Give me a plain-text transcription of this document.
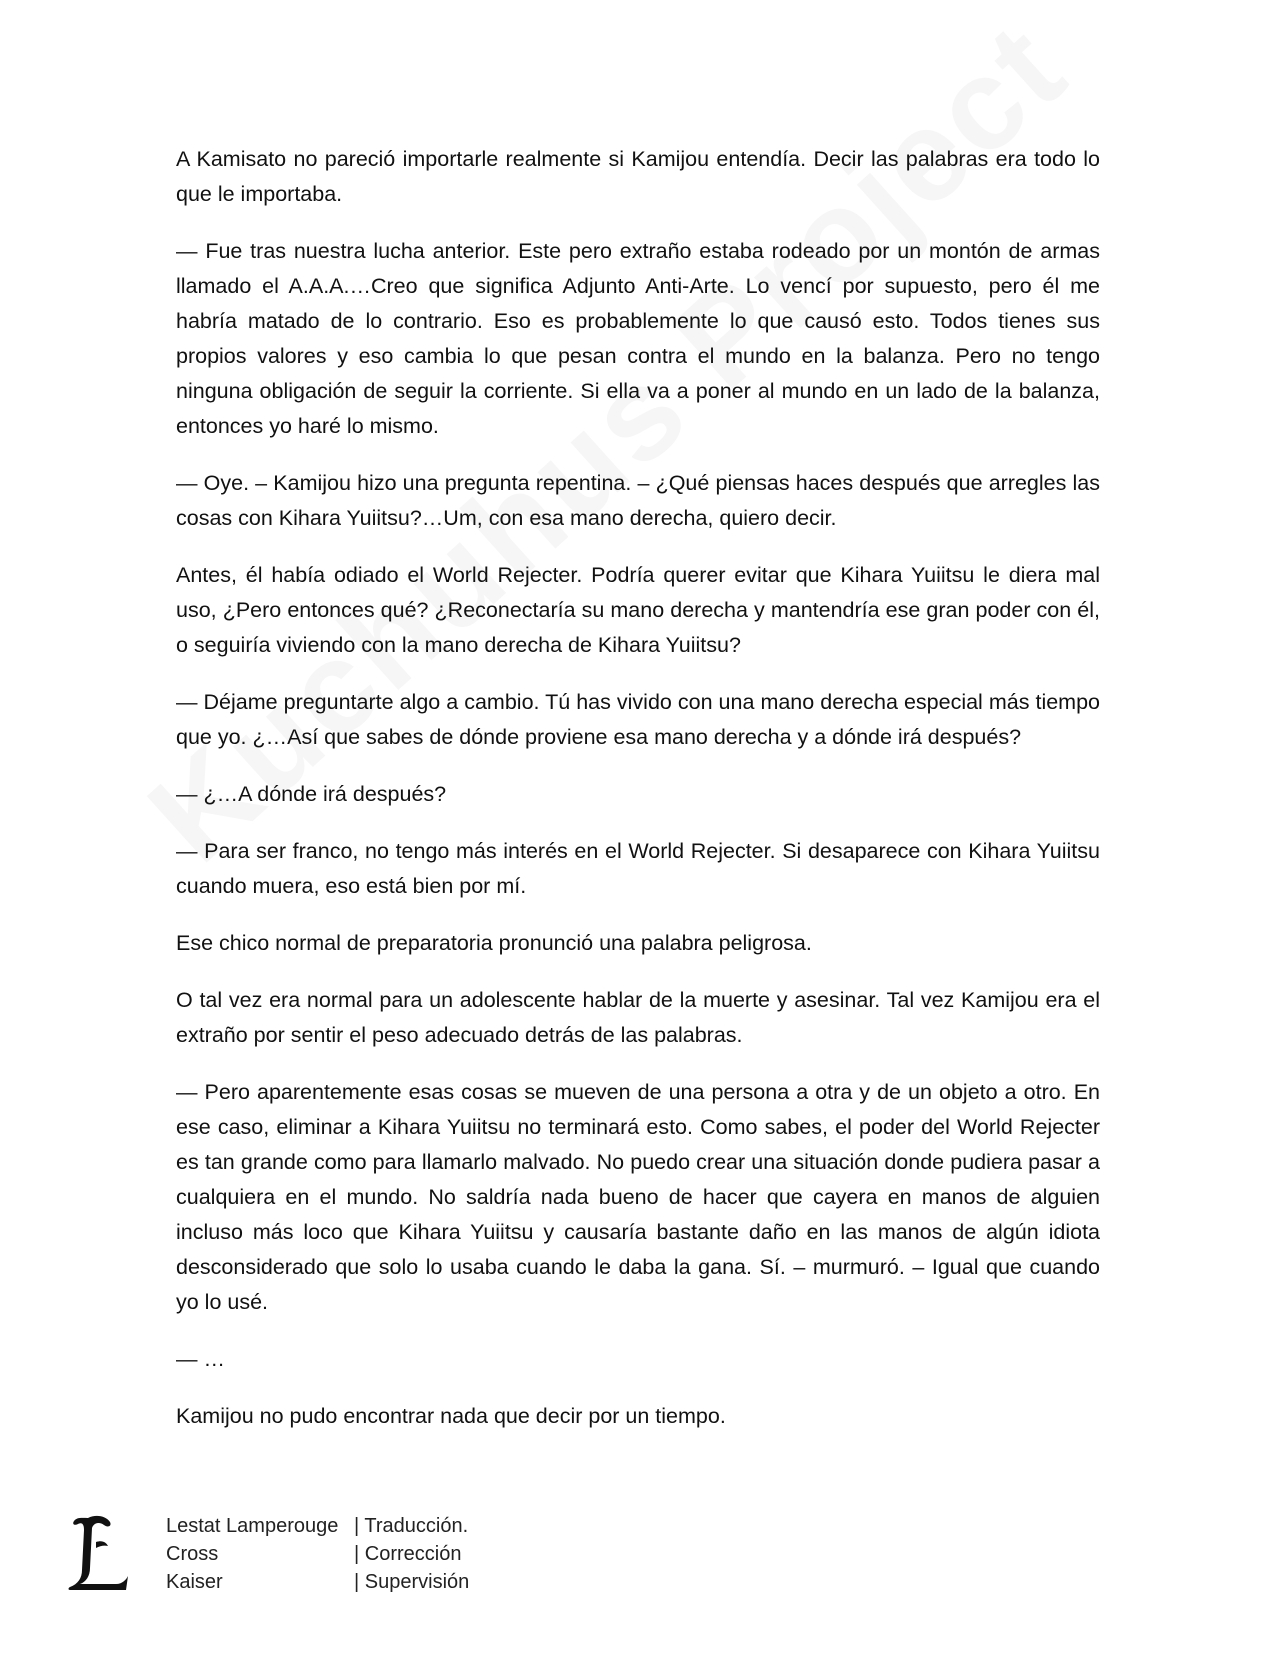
A Kamisato no pareció importarle realmente si Kamijou entendía. Decir las palabras era todo lo que le importaba.

— Fue tras nuestra lucha anterior. Este pero extraño estaba rodeado por un montón de armas llamado el A.A.A.…Creo que significa Adjunto Anti-Arte. Lo vencí por supuesto, pero él me habría matado de lo contrario. Eso es probablemente lo que causó esto. Todos tienes sus propios valores y eso cambia lo que pesan contra el mundo en la balanza. Pero no tengo ninguna obligación de seguir la corriente. Si ella va a poner al mundo en un lado de la balanza, entonces yo haré lo mismo.

— Oye. – Kamijou hizo una pregunta repentina. – ¿Qué piensas haces después que arregles las cosas con Kihara Yuiitsu?…Um, con esa mano derecha, quiero decir.

Antes, él había odiado el World Rejecter. Podría querer evitar que Kihara Yuiitsu le diera mal uso, ¿Pero entonces qué? ¿Reconectaría su mano derecha y mantendría ese gran poder con él, o seguiría viviendo con la mano derecha de Kihara Yuiitsu?

— Déjame preguntarte algo a cambio. Tú has vivido con una mano derecha especial más tiempo que yo. ¿…Así que sabes de dónde proviene esa mano derecha y a dónde irá después?

— ¿…A dónde irá después?

— Para ser franco, no tengo más interés en el World Rejecter. Si desaparece con Kihara Yuiitsu cuando muera, eso está bien por mí.

Ese chico normal de preparatoria pronunció una palabra peligrosa.

O tal vez era normal para un adolescente hablar de la muerte y asesinar. Tal vez Kamijou era el extraño por sentir el peso adecuado detrás de las palabras.

— Pero aparentemente esas cosas se mueven de una persona a otra y de un objeto a otro. En ese caso, eliminar a Kihara Yuiitsu no terminará esto. Como sabes, el poder del World Rejecter es tan grande como para llamarlo malvado. No puedo crear una situación donde pudiera pasar a cualquiera en el mundo. No saldría nada bueno de hacer que cayera en manos de alguien incluso más loco que Kihara Yuiitsu y causaría bastante daño en las manos de algún idiota desconsiderado que solo lo usaba cuando le daba la gana. Sí. – murmuró. – Igual que cuando yo lo usé.

— …

Kamijou no pudo encontrar nada que decir por un tiempo.

Lestat Lamperouge | Traducción.
Cross	| Corrección
Kaiser	| Supervisión
